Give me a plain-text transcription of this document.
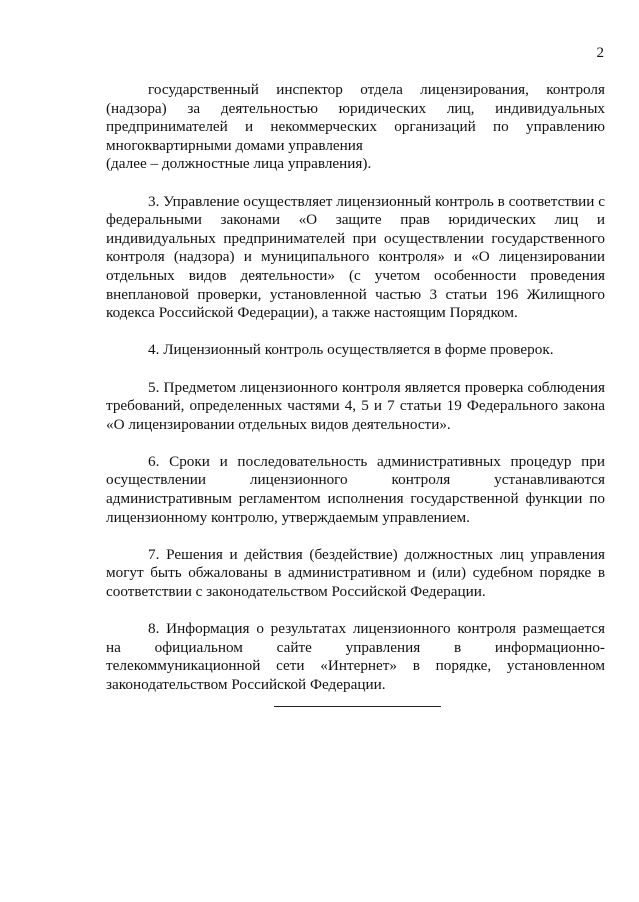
2

государственный инспектор отдела лицензирования, контроля (надзора) за деятельностью юридических лиц, индивидуальных предпринимателей и некоммерческих организаций по управлению многоквартирными домами управления

(далее – должностные лица управления).

3. Управление осуществляет лицензионный контроль в соответствии с федеральными законами «О защите прав юридических лиц и индивидуальных предпринимателей при осуществлении государственного контроля (надзора) и муниципального контроля» и «О лицензировании отдельных видов деятельности» (с учетом особенности проведения внеплановой проверки, установленной частью 3 статьи 196 Жилищного кодекса Российской Федерации), а также настоящим Порядком.

4. Лицензионный контроль осуществляется в форме проверок.

5. Предметом лицензионного контроля является проверка соблюдения требований, определенных частями 4, 5 и 7 статьи 19 Федерального закона «О лицензировании отдельных видов деятельности».

6. Сроки и последовательность административных процедур при осуществлении лицензионного контроля устанавливаются административным регламентом исполнения государственной функции по лицензионному контролю, утверждаемым управлением.

7. Решения и действия (бездействие) должностных лиц управления могут быть обжалованы в административном и (или) судебном порядке в соответствии с законодательством Российской Федерации.

8. Информация о результатах лицензионного контроля размещается на официальном сайте управления в информационно-телекоммуникационной сети «Интернет» в порядке, установленном законодательством Российской Федерации.
